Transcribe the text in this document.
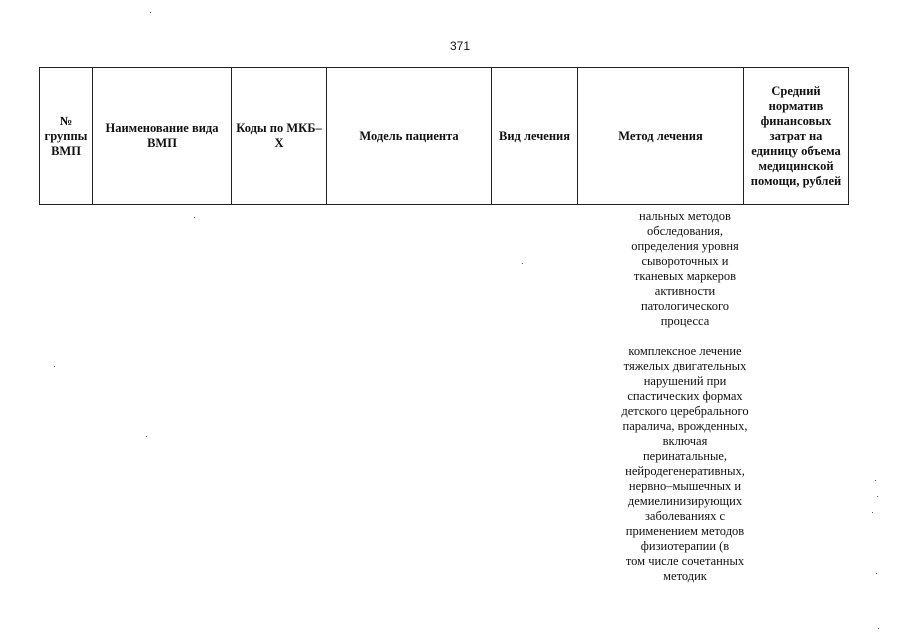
371
№ группы ВМП	Наименование вида ВМП	Коды по МКБ–Х	Модель пациента	Вид лечения	Метод лечения	Средний норматив финансовых затрат на единицу объема медицинской помощи, рублей

нальных методов

обследования,

определения уровня

сывороточных и

тканевых маркеров

активности

патологического

процесса

комплексное лечение

тяжелых двигательных

нарушений при

спастических формах

детского церебрального

паралича, врожденных,

включая

перинатальные,

нейродегенеративных,

нервно–мышечных и

демиелинизирующих

заболеваниях с

применением методов

физиотерапии (в

том числе сочетанных

методик
